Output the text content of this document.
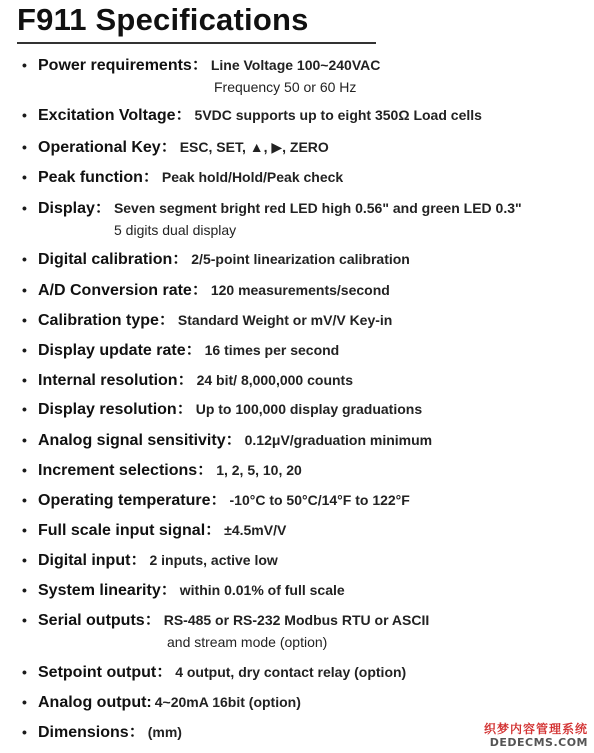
F911 Specifications
• Power requirements： Line Voltage 100~240VAC
Frequency 50 or 60 Hz
• Excitation Voltage： 5VDC supports up to eight 350Ω Load cells
• Operational Key： ESC, SET, ▲, ▶, ZERO
• Peak function： Peak hold/Hold/Peak check
• Display： Seven segment bright red LED high 0.56" and green LED 0.3"
5 digits dual display
• Digital calibration： 2/5-point linearization calibration
• A/D Conversion rate： 120 measurements/second
• Calibration type： Standard Weight or mV/V Key-in
• Display update rate： 16 times per second
• Internal resolution： 24 bit/ 8,000,000 counts
• Display resolution： Up to 100,000 display graduations
• Analog signal sensitivity： 0.12μV/graduation minimum
• Increment selections： 1, 2, 5, 10, 20
• Operating temperature： -10°C to 50°C/14°F to 122°F
• Full scale input signal： ±4.5mV/V
• Digital input： 2 inputs, active low
• System linearity： within 0.01% of full scale
• Serial outputs： RS-485 or RS-232 Modbus RTU or ASCII
and stream mode (option)
• Setpoint output： 4 output, dry contact relay (option)
• Analog output: 4~20mA 16bit (option)
• Dimensions： (mm)	织梦内容管理系统
DEDECMS.COM
